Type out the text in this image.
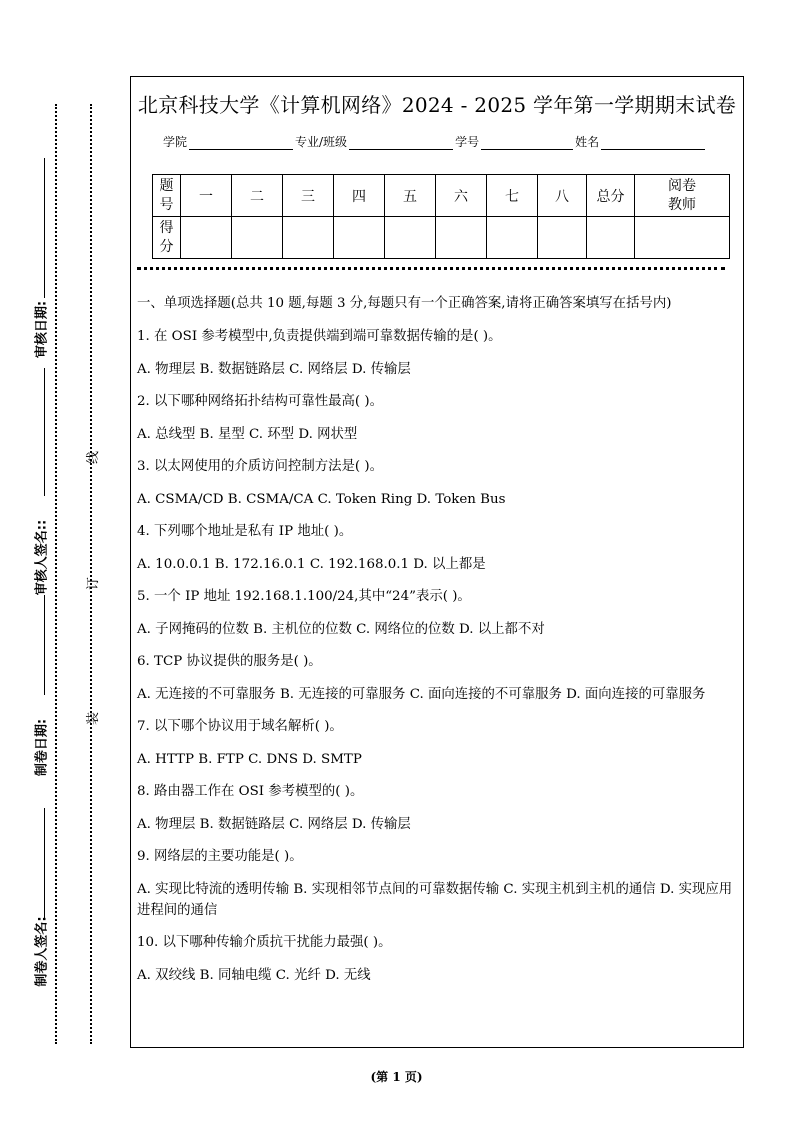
审核日期:
审核人签名::
制卷日期:
制卷人签名:
线
订
装
北京科技大学《计算机网络》2024 - 2025 学年第一学期期末试卷
学院	专业/班级	学号	姓名
题
号	一	二	三	四	五	六	七	八	总分	阅卷
教师
得
分										

一、单项选择题(总共 10 题,每题 3 分,每题只有一个正确答案,请将正确答案填写在括号内)

1. 在 OSI 参考模型中,负责提供端到端可靠数据传输的是( )。

A. 物理层 B. 数据链路层 C. 网络层 D. 传输层

2. 以下哪种网络拓扑结构可靠性最高( )。

A. 总线型 B. 星型 C. 环型 D. 网状型

3. 以太网使用的介质访问控制方法是( )。

A. CSMA/CD B. CSMA/CA C. Token Ring D. Token Bus

4. 下列哪个地址是私有 IP 地址( )。

A. 10.0.0.1 B. 172.16.0.1 C. 192.168.0.1 D. 以上都是

5. 一个 IP 地址 192.168.1.100/24,其中“24”表示( )。

A. 子网掩码的位数 B. 主机位的位数 C. 网络位的位数 D. 以上都不对

6. TCP 协议提供的服务是( )。

A. 无连接的不可靠服务 B. 无连接的可靠服务 C. 面向连接的不可靠服务 D. 面向连接的可靠服务

7. 以下哪个协议用于域名解析( )。

A. HTTP B. FTP C. DNS D. SMTP

8. 路由器工作在 OSI 参考模型的( )。

A. 物理层 B. 数据链路层 C. 网络层 D. 传输层

9. 网络层的主要功能是( )。

A. 实现比特流的透明传输 B. 实现相邻节点间的可靠数据传输 C. 实现主机到主机的通信 D. 实现应用进程间的通信

10. 以下哪种传输介质抗干扰能力最强( )。

A. 双绞线 B. 同轴电缆 C. 光纤 D. 无线

(第 1 页)
